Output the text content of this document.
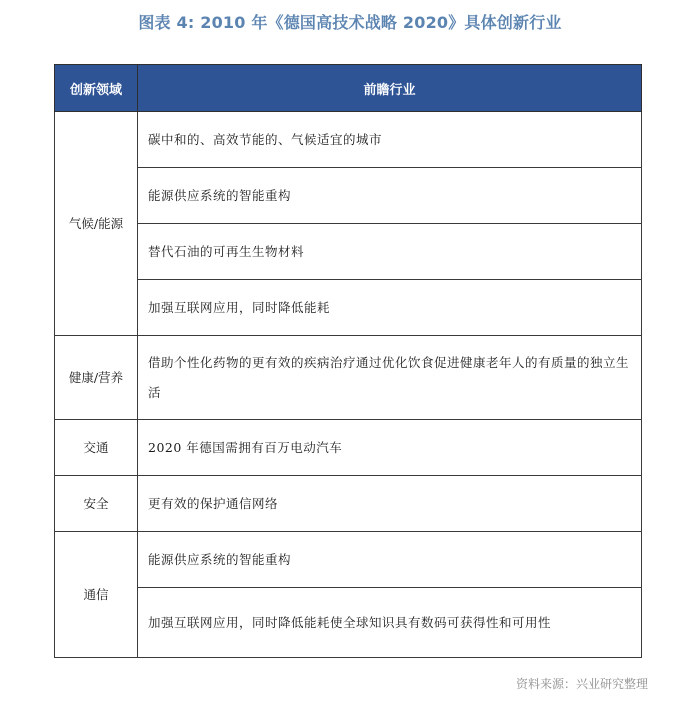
图表 4: 2010 年《德国高技术战略 2020》具体创新行业
创新领域	前瞻行业
气候/能源	碳中和的、高效节能的、气候适宜的城市
	能源供应系统的智能重构
	替代石油的可再生生物材料
	加强互联网应用，同时降低能耗
健康/营养	借助个性化药物的更有效的疾病治疗通过优化饮食促进健康老年人的有质量的独立生活
交通	2020 年德国需拥有百万电动汽车
安全	更有效的保护通信网络
通信	能源供应系统的智能重构
	加强互联网应用，同时降低能耗使全球知识具有数码可获得性和可用性
资料来源：兴业研究整理
